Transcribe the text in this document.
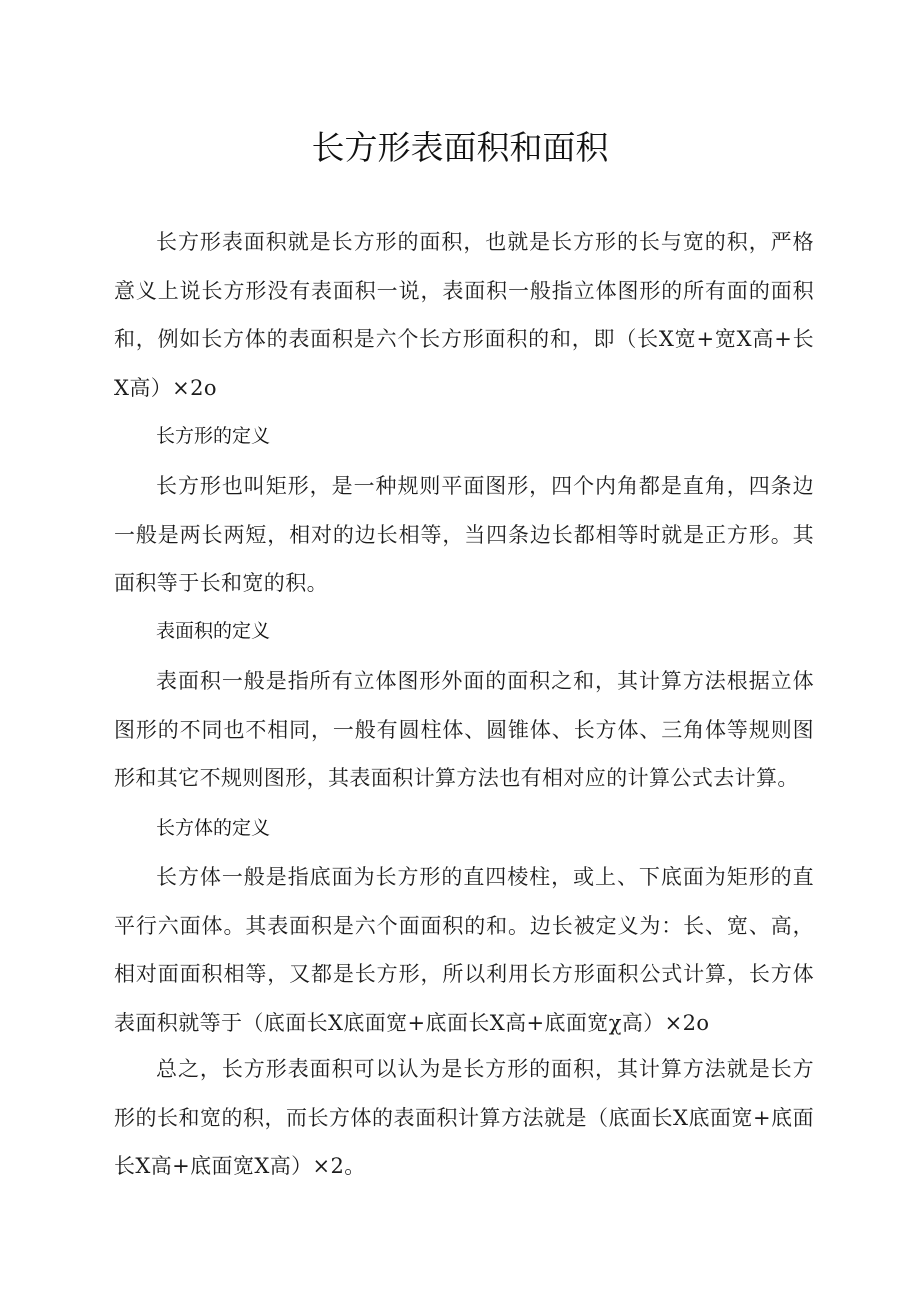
长方形表面积和面积

长方形表面积就是长方形的面积，也就是长方形的长与宽的积，严格意义上说长方形没有表面积一说，表面积一般指立体图形的所有面的面积和，例如长方体的表面积是六个长方形面积的和，即（长X宽+宽X高+长X高）×2o

长方形的定义

长方形也叫矩形，是一种规则平面图形，四个内角都是直角，四条边一般是两长两短，相对的边长相等，当四条边长都相等时就是正方形。其面积等于长和宽的积。

表面积的定义

表面积一般是指所有立体图形外面的面积之和，其计算方法根据立体图形的不同也不相同，一般有圆柱体、圆锥体、长方体、三角体等规则图形和其它不规则图形，其表面积计算方法也有相对应的计算公式去计算。

长方体的定义

长方体一般是指底面为长方形的直四棱柱，或上、下底面为矩形的直平行六面体。其表面积是六个面面积的和。边长被定义为：长、宽、高，相对面面积相等，又都是长方形，所以利用长方形面积公式计算，长方体表面积就等于（底面长X底面宽+底面长X高+底面宽χ高）×2o

总之，长方形表面积可以认为是长方形的面积，其计算方法就是长方形的长和宽的积，而长方体的表面积计算方法就是（底面长X底面宽+底面长X高+底面宽X高）×2。
